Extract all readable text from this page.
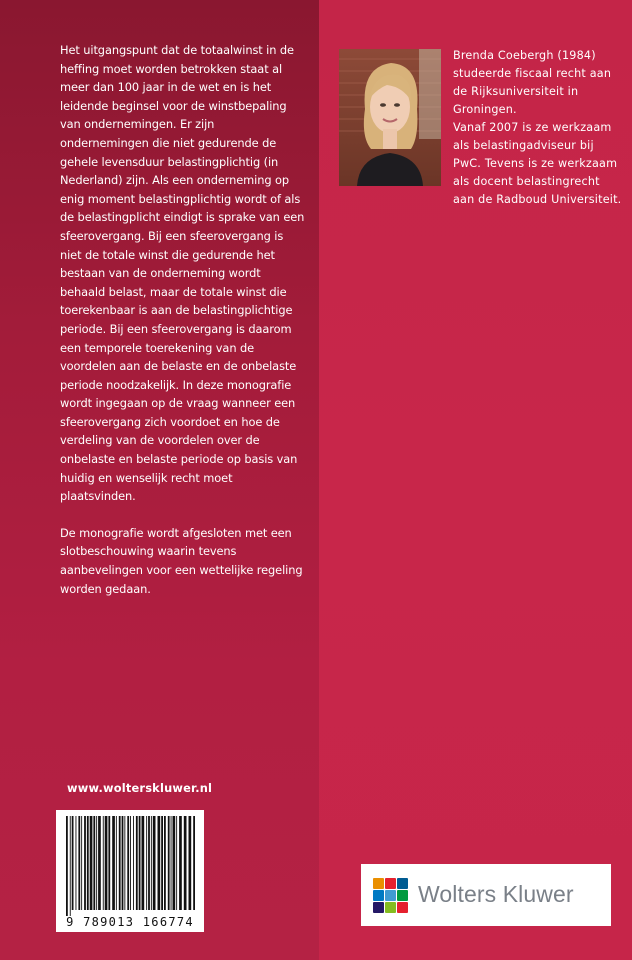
Het uitgangspunt dat de totaalwinst in de heffing moet worden betrokken staat al meer dan 100 jaar in de wet en is het leidende beginsel voor de winstbepaling van ondernemingen. Er zijn ondernemingen die niet gedurende de gehele levensduur belastingplichtig (in Nederland) zijn. Als een onderneming op enig moment belastingplichtig wordt of als de belastingplicht eindigt is sprake van een sfeerovergang. Bij een sfeerovergang is niet de totale winst die gedurende het bestaan van de onderneming wordt behaald belast, maar de totale winst die toerekenbaar is aan de belastingplichtige periode. Bij een sfeerovergang is daarom een temporele toerekening van de voordelen aan de belaste en de onbelaste periode noodzakelijk. In deze monografie wordt ingegaan op de vraag wanneer een sfeerovergang zich voordoet en hoe de verdeling van de voordelen over de onbelaste en belaste periode op basis van huidig en wenselijk recht moet plaatsvinden.

De monografie wordt afgesloten met een slotbeschouwing waarin tevens aanbevelingen voor een wettelijke regeling worden gedaan.

Brenda Coebergh (1984) studeerde fiscaal recht aan de Rijksuniversiteit in Groningen.

Vanaf 2007 is ze werkzaam als belastingadviseur bij PwC. Tevens is ze werkzaam als docent belastingrecht aan de Radboud Universiteit.

www.wolterskluwer.nl
9 789013 166774
Wolters Kluwer
